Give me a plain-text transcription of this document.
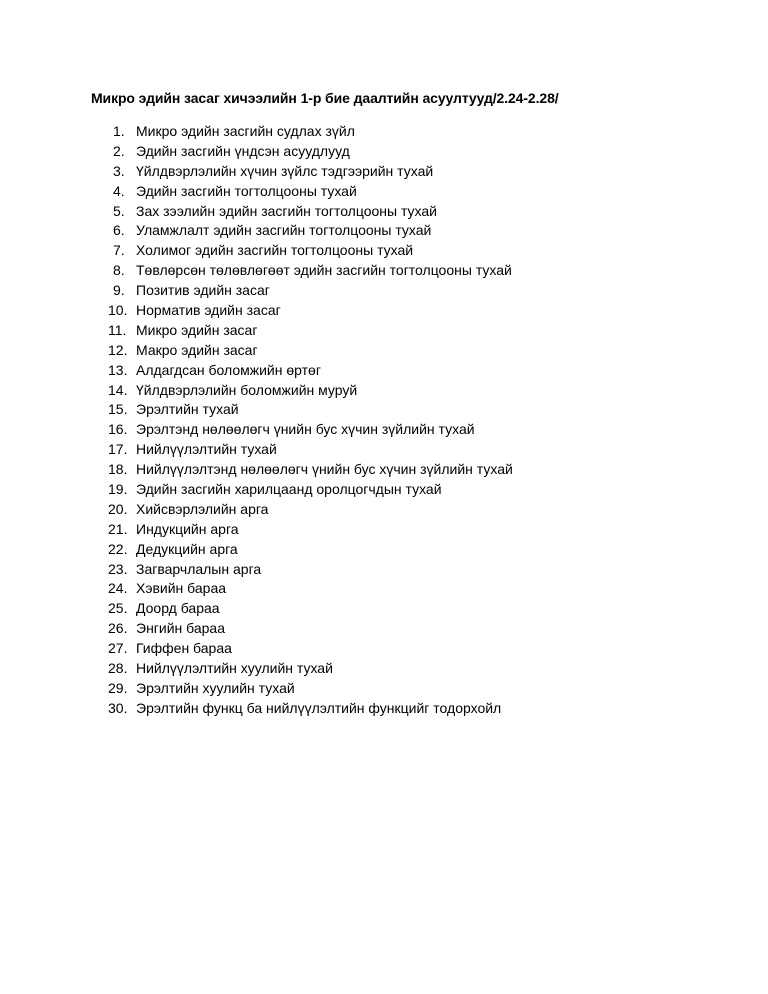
Микро эдийн засаг хичээлийн 1-р бие даалтийн асуултууд/2.24-2.28/
1. Микро эдийн засгийн судлах зүйл
2. Эдийн засгийн үндсэн асуудлууд
3. Үйлдвэрлэлийн хүчин зүйлс тэдгээрийн тухай
4. Эдийн засгийн тогтолцооны тухай
5. Зах зээлийн эдийн засгийн тогтолцооны тухай
6. Уламжлалт эдийн засгийн тогтолцооны тухай
7. Холимог эдийн засгийн тогтолцооны тухай
8. Төвлөрсөн төлөвлөгөөт эдийн засгийн тогтолцооны тухай
9. Позитив эдийн засаг
10. Норматив эдийн засаг
11. Микро эдийн засаг
12. Макро эдийн засаг
13. Алдагдсан боломжийн өртөг
14. Үйлдвэрлэлийн боломжийн муруй
15. Эрэлтийн тухай
16. Эрэлтэнд нөлөөлөгч үнийн бус хүчин зүйлийн тухай
17. Нийлүүлэлтийн тухай
18. Нийлүүлэлтэнд нөлөөлөгч үнийн бус хүчин зүйлийн тухай
19. Эдийн засгийн харилцаанд оролцогчдын тухай
20. Хийсвэрлэлийн арга
21. Индукцийн арга
22. Дедукцийн арга
23. Загварчлалын арга
24. Хэвийн бараа
25. Доорд бараа
26. Энгийн бараа
27. Гиффен бараа
28. Нийлүүлэлтийн хуулийн тухай
29. Эрэлтийн хуулийн тухай
30. Эрэлтийн функц ба нийлүүлэлтийн функцийг тодорхойл
